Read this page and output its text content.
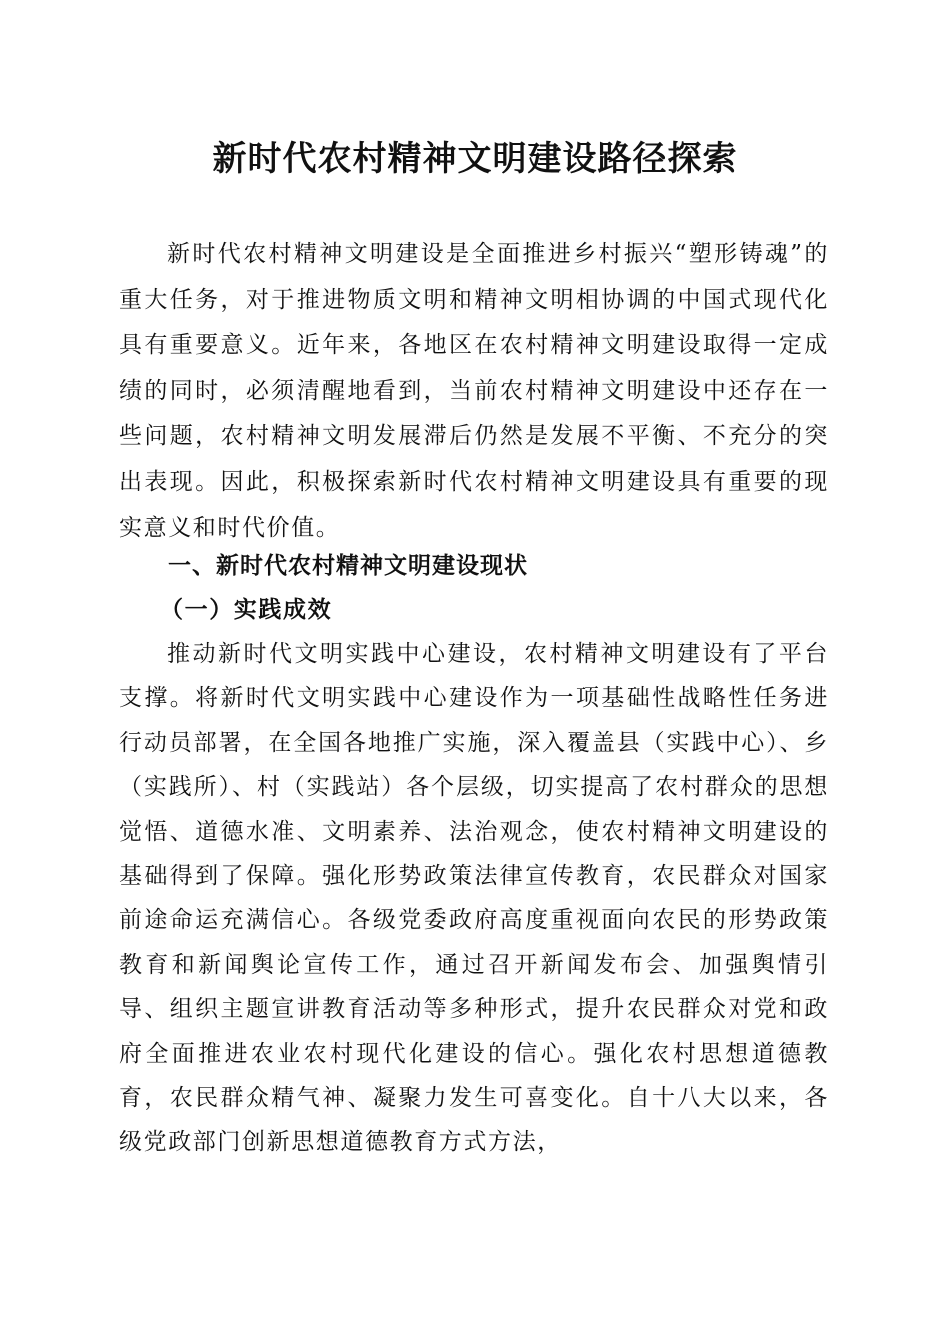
新时代农村精神文明建设路径探索

新时代农村精神文明建设是全面推进乡村振兴“塑形铸魂”的重大任务，对于推进物质文明和精神文明相协调的中国式现代化具有重要意义。近年来，各地区在农村精神文明建设取得一定成绩的同时，必须清醒地看到，当前农村精神文明建设中还存在一些问题，农村精神文明发展滞后仍然是发展不平衡、不充分的突出表现。因此，积极探索新时代农村精神文明建设具有重要的现实意义和时代价值。

一、新时代农村精神文明建设现状
（一）实践成效

推动新时代文明实践中心建设，农村精神文明建设有了平台支撑。将新时代文明实践中心建设作为一项基础性战略性任务进行动员部署，在全国各地推广实施，深入覆盖县（实践中心）、乡（实践所）、村（实践站）各个层级，切实提高了农村群众的思想觉悟、道德水准、文明素养、法治观念，使农村精神文明建设的基础得到了保障。强化形势政策法律宣传教育，农民群众对国家前途命运充满信心。各级党委政府高度重视面向农民的形势政策教育和新闻舆论宣传工作，通过召开新闻发布会、加强舆情引导、组织主题宣讲教育活动等多种形式，提升农民群众对党和政府全面推进农业农村现代化建设的信心。强化农村思想道德教育，农民群众精气神、凝聚力发生可喜变化。自十八大以来，各级党政部门创新思想道德教育方式方法，
